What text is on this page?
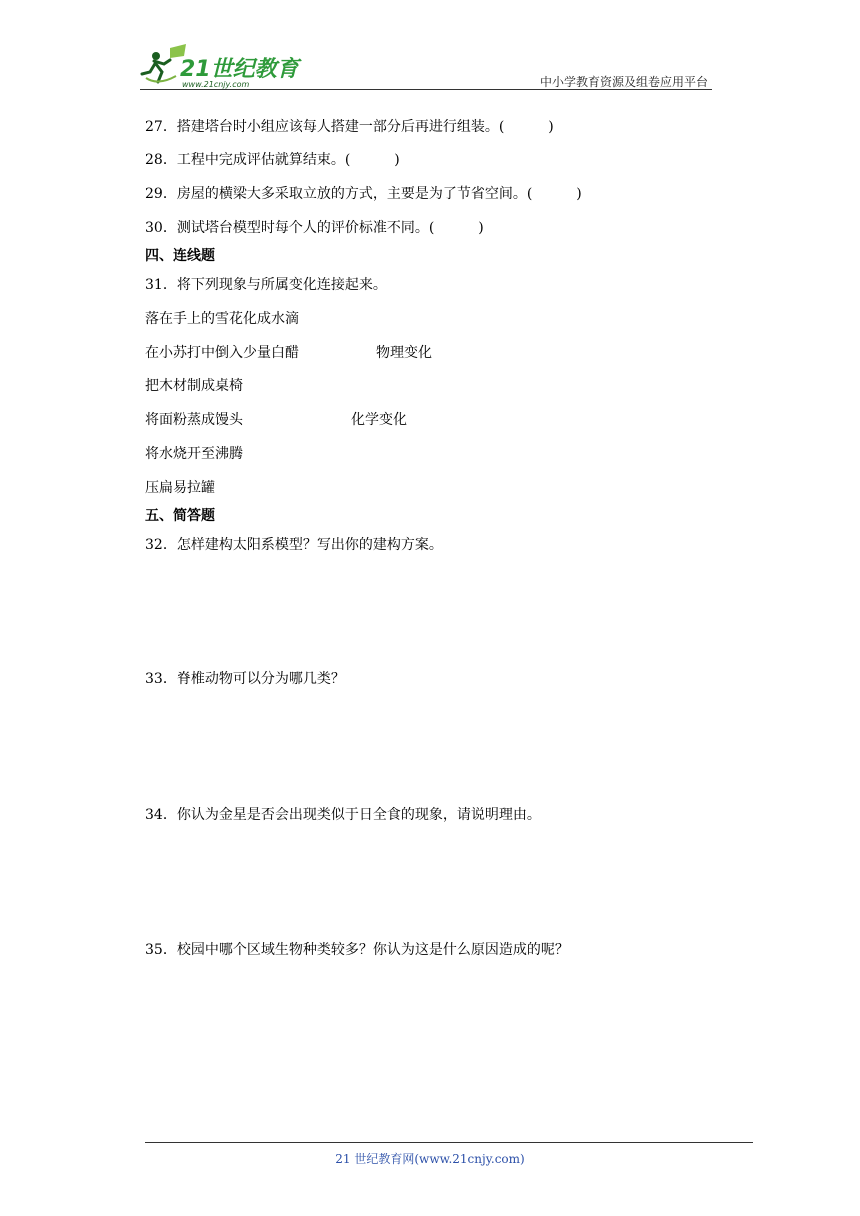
21世纪教育
www.21cnjy.com	中小学教育资源及组卷应用平台
27．搭建塔台时小组应该每人搭建一部分后再进行组装。(	)
28．工程中完成评估就算结束。(	)
29．房屋的横梁大多采取立放的方式，主要是为了节省空间。(	)
30．测试塔台模型时每个人的评价标准不同。(	)
四、连线题
31．将下列现象与所属变化连接起来。
落在手上的雪花化成水滴
在小苏打中倒入少量白醋	物理变化
把木材制成桌椅
将面粉蒸成馒头	化学变化
将水烧开至沸腾
压扁易拉罐
五、简答题
32．怎样建构太阳系模型？写出你的建构方案。
33．脊椎动物可以分为哪几类？
34．你认为金星是否会出现类似于日全食的现象，请说明理由。
35．校园中哪个区域生物种类较多？你认为这是什么原因造成的呢？
21 世纪教育网(www.21cnjy.com)
